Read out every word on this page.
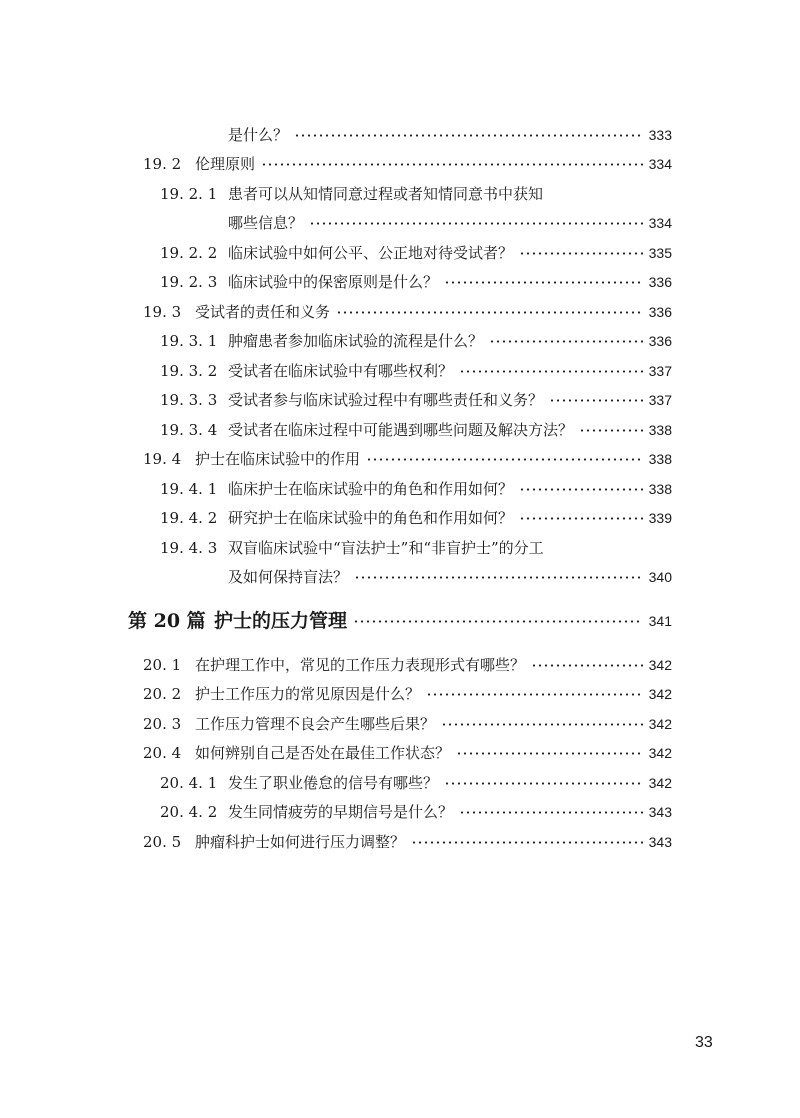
是什么？	333
19. 2 伦理原则	334
19. 2. 1 患者可以从知情同意过程或者知情同意书中获知
哪些信息？	334
19. 2. 2 临床试验中如何公平、公正地对待受试者？	335
19. 2. 3 临床试验中的保密原则是什么？	336
19. 3 受试者的责任和义务	336
19. 3. 1 肿瘤患者参加临床试验的流程是什么？	336
19. 3. 2 受试者在临床试验中有哪些权利？	337
19. 3. 3 受试者参与临床试验过程中有哪些责任和义务？	337
19. 3. 4 受试者在临床过程中可能遇到哪些问题及解决方法？	338
19. 4 护士在临床试验中的作用	338
19. 4. 1 临床护士在临床试验中的角色和作用如何？	338
19. 4. 2 研究护士在临床试验中的角色和作用如何？	339
19. 4. 3 双盲临床试验中“盲法护士”和“非盲护士”的分工
及如何保持盲法？	340
第 20 篇 护士的压力管理	341
20. 1 在护理工作中，常见的工作压力表现形式有哪些？	342
20. 2 护士工作压力的常见原因是什么？	342
20. 3 工作压力管理不良会产生哪些后果？	342
20. 4 如何辨别自己是否处在最佳工作状态？	342
20. 4. 1 发生了职业倦怠的信号有哪些？	342
20. 4. 2 发生同情疲劳的早期信号是什么？	343
20. 5 肿瘤科护士如何进行压力调整？	343
33
